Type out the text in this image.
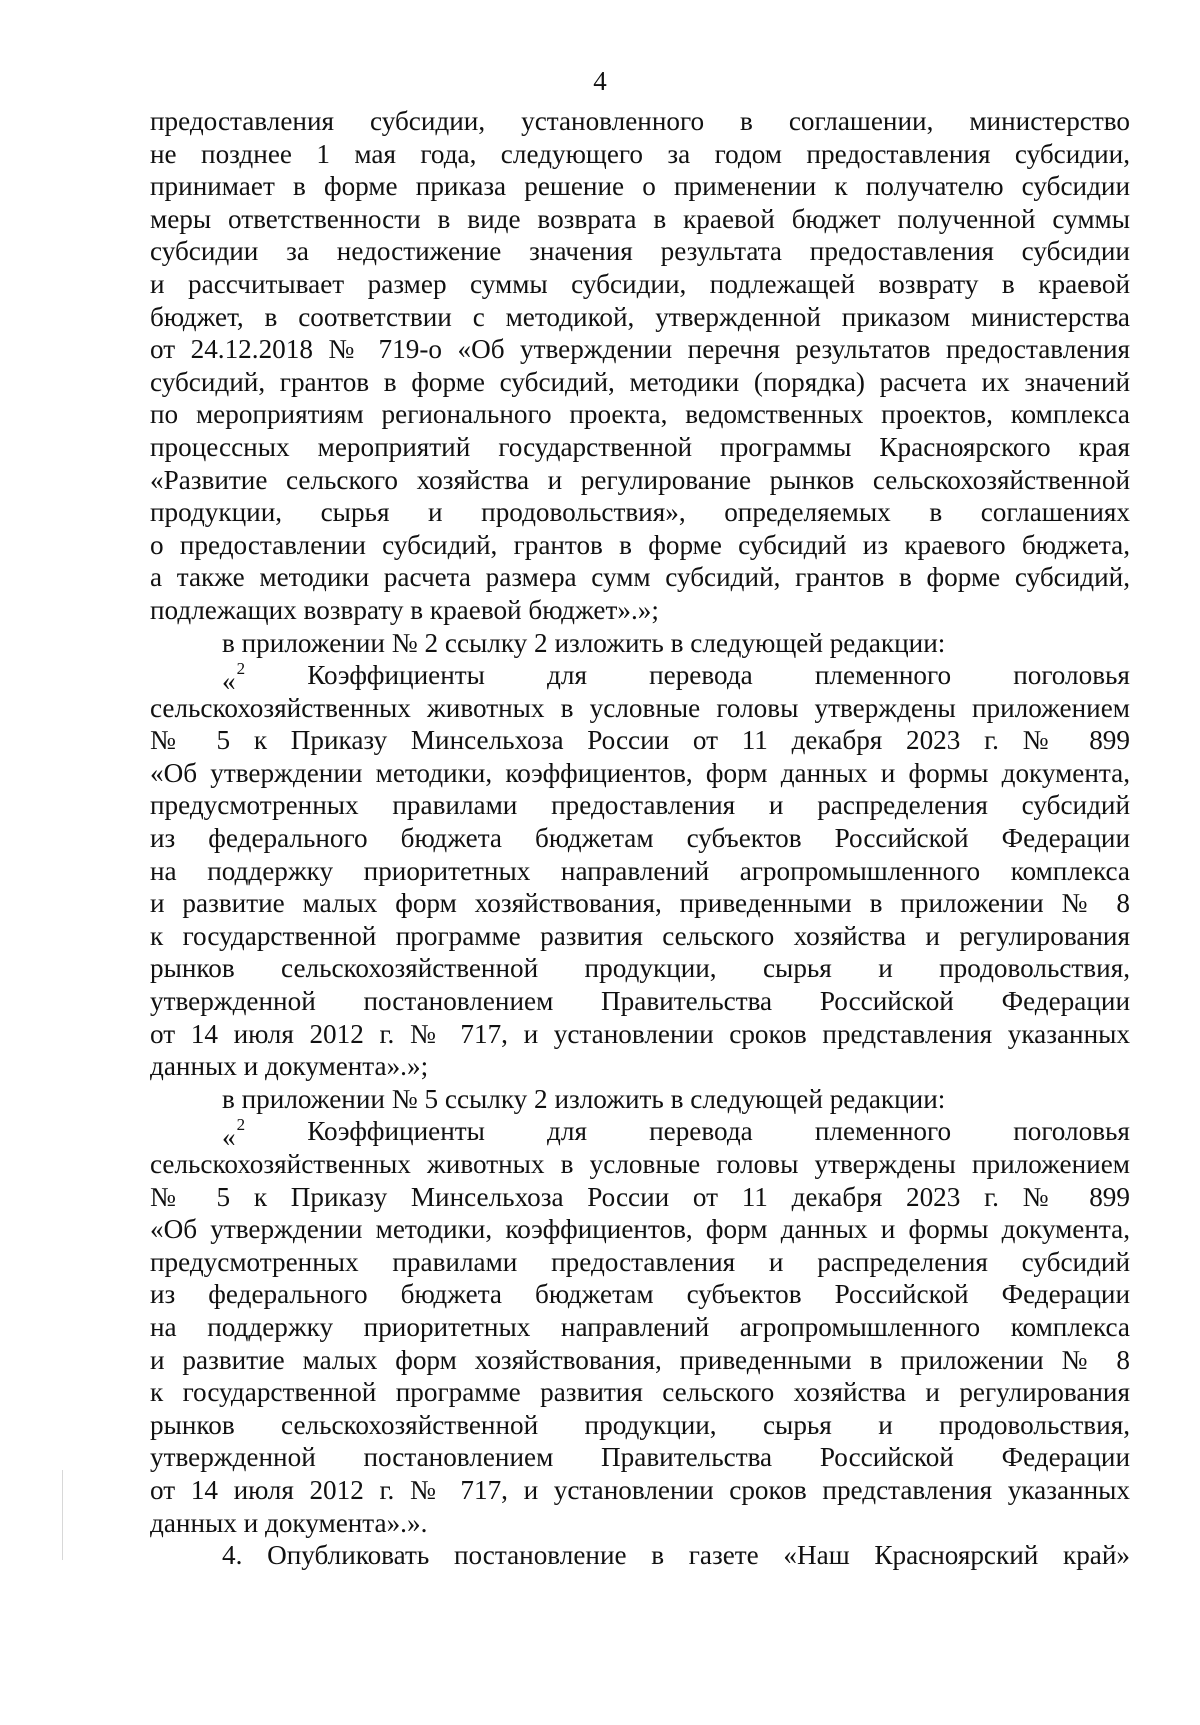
4
предоставления субсидии, установленного в соглашении, министерство
не позднее 1 мая года, следующего за годом предоставления субсидии,
принимает в форме приказа решение о применении к получателю субсидии
меры ответственности в виде возврата в краевой бюджет полученной суммы
субсидии за недостижение значения результата предоставления субсидии
и рассчитывает размер суммы субсидии, подлежащей возврату в краевой
бюджет, в соответствии с методикой, утвержденной приказом министерства
от 24.12.2018 № 719-о «Об утверждении перечня результатов предоставления
субсидий, грантов в форме субсидий, методики (порядка) расчета их значений
по мероприятиям регионального проекта, ведомственных проектов, комплекса
процессных мероприятий государственной программы Красноярского края
«Развитие сельского хозяйства и регулирование рынков сельскохозяйственной
продукции, сырья и продовольствия», определяемых в соглашениях
о предоставлении субсидий, грантов в форме субсидий из краевого бюджета,
а также методики расчета размера сумм субсидий, грантов в форме субсидий,
подлежащих возврату в краевой бюджет».»;
в приложении № 2 ссылку 2 изложить в следующей редакции:
«$^2$ Коэффициенты для перевода племенного поголовья
сельскохозяйственных животных в условные головы утверждены приложением
№ 5 к Приказу Минсельхоза России от 11 декабря 2023 г. № 899
«Об утверждении методики, коэффициентов, форм данных и формы документа,
предусмотренных правилами предоставления и распределения субсидий
из федерального бюджета бюджетам субъектов Российской Федерации
на поддержку приоритетных направлений агропромышленного комплекса
и развитие малых форм хозяйствования, приведенными в приложении № 8
к государственной программе развития сельского хозяйства и регулирования
рынков сельскохозяйственной продукции, сырья и продовольствия,
утвержденной постановлением Правительства Российской Федерации
от 14 июля 2012 г. № 717, и установлении сроков представления указанных
данных и документа».»;
в приложении № 5 ссылку 2 изложить в следующей редакции:
«$^2$ Коэффициенты для перевода племенного поголовья
сельскохозяйственных животных в условные головы утверждены приложением
№ 5 к Приказу Минсельхоза России от 11 декабря 2023 г. № 899
«Об утверждении методики, коэффициентов, форм данных и формы документа,
предусмотренных правилами предоставления и распределения субсидий
из федерального бюджета бюджетам субъектов Российской Федерации
на поддержку приоритетных направлений агропромышленного комплекса
и развитие малых форм хозяйствования, приведенными в приложении № 8
к государственной программе развития сельского хозяйства и регулирования
рынков сельскохозяйственной продукции, сырья и продовольствия,
утвержденной постановлением Правительства Российской Федерации
от 14 июля 2012 г. № 717, и установлении сроков представления указанных
данных и документа».».
4. Опубликовать постановление в газете «Наш Красноярский край»
